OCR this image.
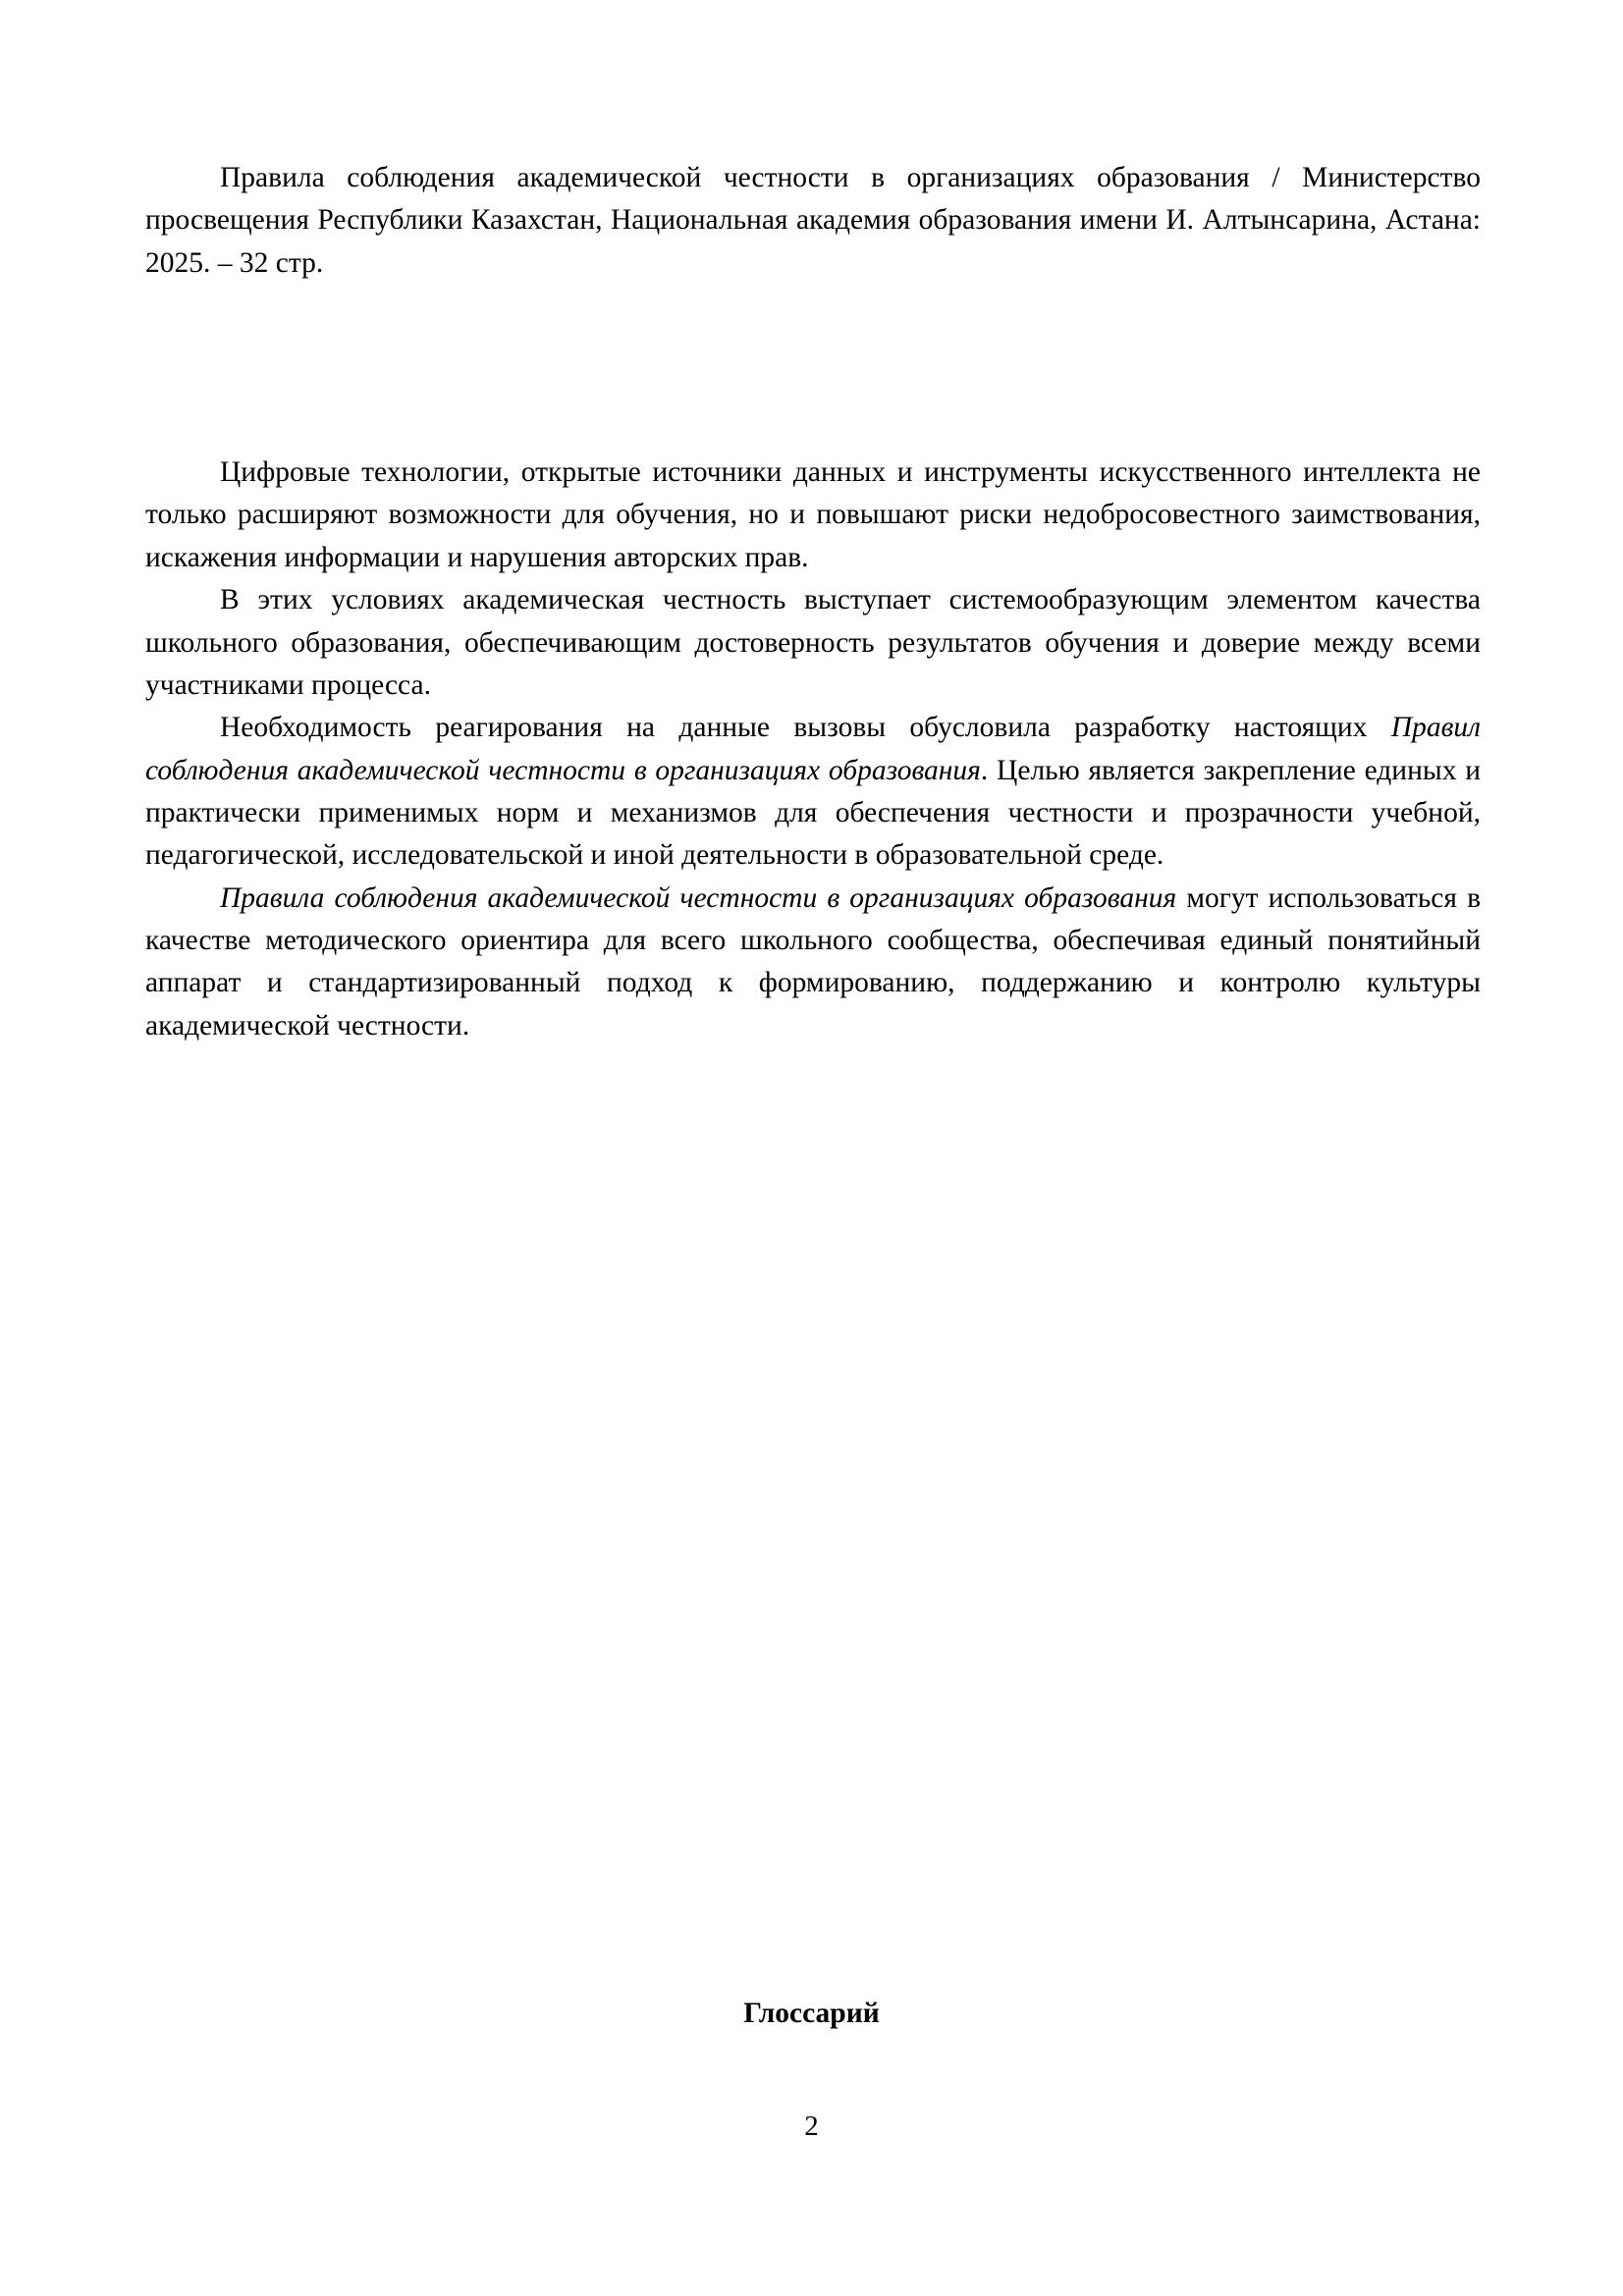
Правила соблюдения академической честности в организациях образования / Министерство просвещения Республики Казахстан, Национальная академия образования имени И. Алтынсарина, Астана: 2025. – 32 стр.

Цифровые технологии, открытые источники данных и инструменты искусственного интеллекта не только расширяют возможности для обучения, но и повышают риски недобросовестного заимствования, искажения информации и нарушения авторских прав.

В этих условиях академическая честность выступает системообразующим элементом качества школьного образования, обеспечивающим достоверность результатов обучения и доверие между всеми участниками процесса.

Необходимость реагирования на данные вызовы обусловила разработку настоящих Правил соблюдения академической честности в организациях образования. Целью является закрепление единых и практически применимых норм и механизмов для обеспечения честности и прозрачности учебной, педагогической, исследовательской и иной деятельности в образовательной среде.

Правила соблюдения академической честности в организациях образования могут использоваться в качестве методического ориентира для всего школьного сообщества, обеспечивая единый понятийный аппарат и стандартизированный подход к формированию, поддержанию и контролю культуры академической честности.

Глоссарий
2
